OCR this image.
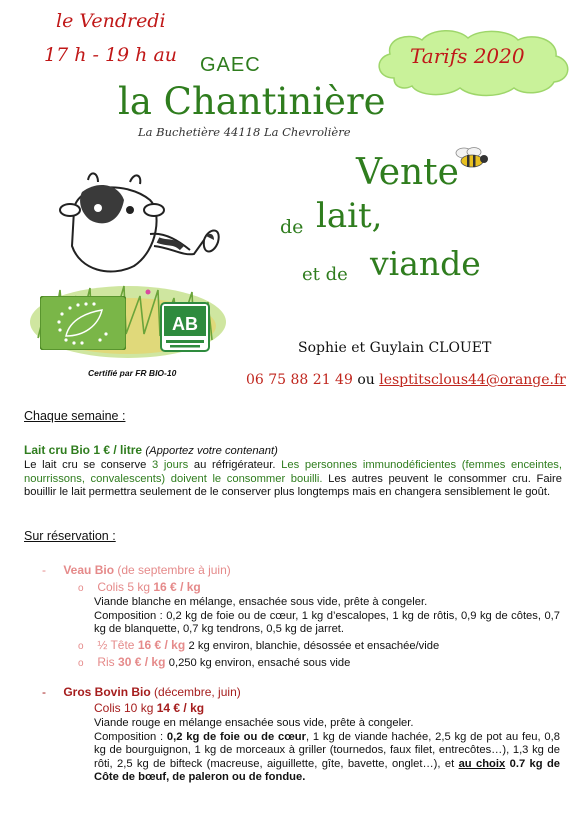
le Vendredi
17 h - 19 h au GAEC
la Chantinière
La Buchetière 44118 La Chevrolière
Tarifs 2020
Vente
de lait,
et de viande
AB
Certifié par FR BIO-10
Sophie et Guylain CLOUET
06 75 88 21 49 ou lesptitsclous44@orange.fr
Chaque semaine :
Lait cru Bio 1 € / litre (Apportez votre contenant)
Le lait cru se conserve 3 jours au réfrigérateur. Les personnes immunodéficientes (femmes enceintes, nourrissons, convalescents) doivent le consommer bouilli. Les autres peuvent le consommer cru. Faire bouillir le lait permettra seulement de le conserver plus longtemps mais en changera sensiblement le goût.
Sur réservation :
- Veau Bio (de septembre à juin)
o Colis 5 kg 16 € / kg
Viande blanche en mélange, ensachée sous vide, prête à congeler.
Composition : 0,2 kg de foie ou de cœur, 1 kg d’escalopes, 1 kg de rôtis, 0,9 kg de côtes, 0,7 kg de blanquette, 0,7 kg tendrons, 0,5 kg de jarret.
o ½ Tête 16 € / kg 2 kg environ, blanchie, désossée et ensachée/vide
o Ris 30 € / kg 0,250 kg environ, ensaché sous vide
- Gros Bovin Bio (décembre, juin)
Colis 10 kg 14 € / kg
Viande rouge en mélange ensachée sous vide, prête à congeler.
Composition : 0,2 kg de foie ou de cœur, 1 kg de viande hachée, 2,5 kg de pot au feu, 0,8 kg de bourguignon, 1 kg de morceaux à griller (tournedos, faux filet, entrecôtes…), 1,3 kg de rôti, 2,5 kg de bifteck (macreuse, aiguillette, gîte, bavette, onglet…), et au choix 0.7 kg de Côte de bœuf, de paleron ou de fondue.
